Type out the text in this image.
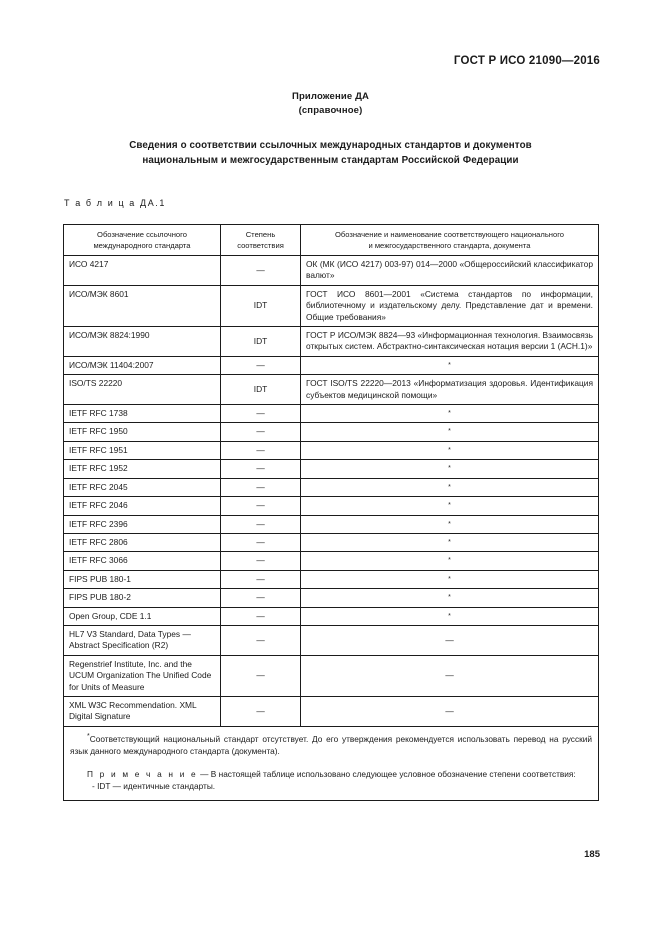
ГОСТ Р ИСО 21090—2016
Приложение ДА
(справочное)
Сведения о соответствии ссылочных международных стандартов и документов
национальным и межгосударственным стандартам Российской Федерации
Т а б л и ц а ДА.1
Обозначение ссылочного
международного стандарта

Степень
соответствия

Обозначение и наименование соответствующего национального
и межгосударственного стандарта, документа

ИСО 4217	—	ОК (МК (ИСО 4217) 003-97) 014—2000 «Общероссийский классификатор валют»
ИСО/МЭК 8601	IDT	ГОСТ ИСО 8601—2001 «Система стандартов по информации, библиотечному и издательскому делу. Представление дат и времени. Общие требования»
ИСО/МЭК 8824:1990	IDT	ГОСТ Р ИСО/МЭК 8824—93 «Информационная технология. Взаимосвязь открытых систем. Абстрактно-синтаксическая нотация версии 1 (АСН.1)»
ИСО/МЭК 11404:2007	—	*
ISO/TS 22220	IDT	ГОСТ ISO/TS 22220—2013 «Информатизация здоровья. Идентификация субъектов медицинской помощи»
IETF RFC 1738	—	*
IETF RFC 1950	—	*
IETF RFC 1951	—	*
IETF RFC 1952	—	*
IETF RFC 2045	—	*
IETF RFC 2046	—	*
IETF RFC 2396	—	*
IETF RFC 2806	—	*
IETF RFC 3066	—	*
FIPS PUB 180-1	—	*
FIPS PUB 180-2	—	*
Open Group, CDE 1.1	—	*
HL7 V3 Standard, Data Types — Abstract Specification (R2)	—	—
Regenstrief Institute, Inc. and the UCUM Organization The Unified Code for Units of Measure	—	—
XML W3C Recommendation. XML Digital Signature	—	—

*Соответствующий национальный стандарт отсутствует. До его утверждения рекомендуется использовать перевод на русский язык данного международного стандарта (документа).

П р и м е ч а н и е — В настоящей таблице использовано следующее условное обозначение степени соответствия:

- IDT — идентичные стандарты.		

185
